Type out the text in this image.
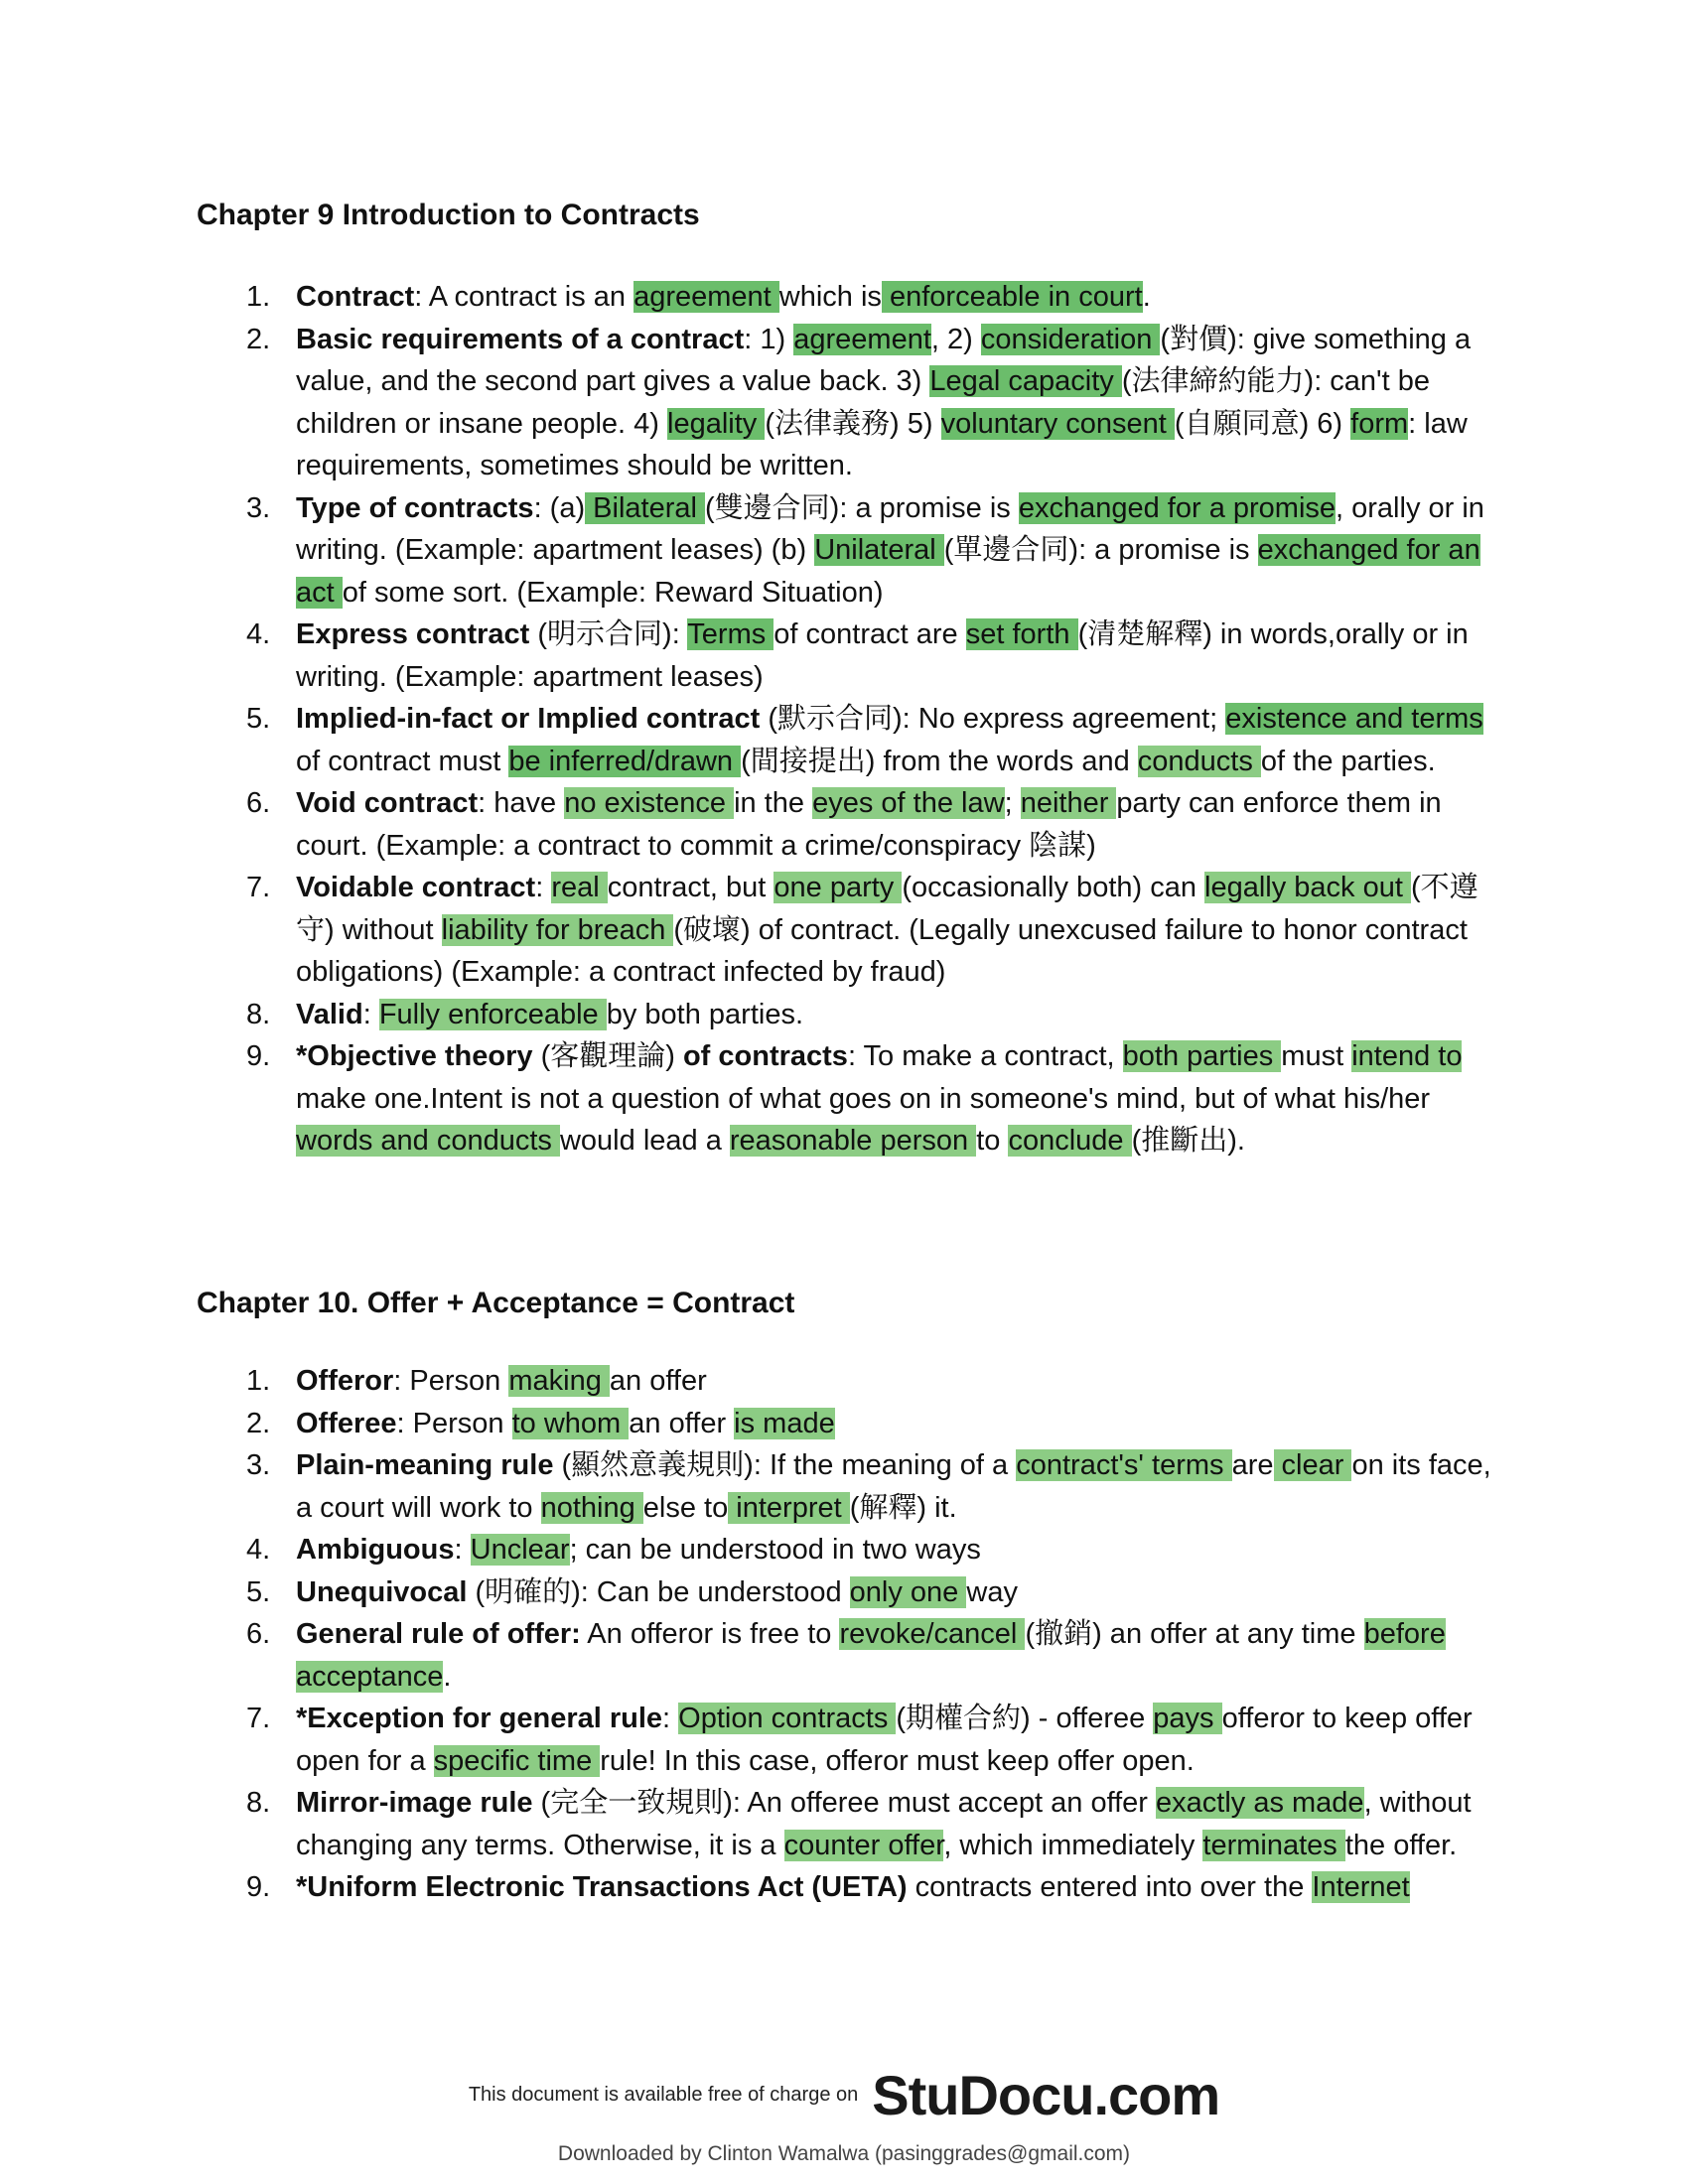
Chapter 9 Introduction to Contracts
1. Contract: A contract is an agreement which is enforceable in court.
2. Basic requirements of a contract: 1) agreement, 2) consideration (對價): give something a value, and the second part gives a value back. 3) Legal capacity (法律締約能力): can't be children or insane people. 4) legality (法律義務) 5) voluntary consent (自願同意) 6) form: law requirements, sometimes should be written.
3. Type of contracts: (a) Bilateral (雙邊合同): a promise is exchanged for a promise, orally or in writing. (Example: apartment leases) (b) Unilateral (單邊合同): a promise is exchanged for an act of some sort. (Example: Reward Situation)
4. Express contract (明示合同): Terms of contract are set forth (清楚解釋) in words,orally or in writing. (Example: apartment leases)
5. Implied-in-fact or Implied contract (默示合同): No express agreement; existence and terms of contract must be inferred/drawn (間接提出) from the words and conducts of the parties.
6. Void contract: have no existence in the eyes of the law; neither party can enforce them in court. (Example: a contract to commit a crime/conspiracy 陰謀)
7. Voidable contract: real contract, but one party (occasionally both) can legally back out (不遵守) without liability for breach (破壞) of contract. (Legally unexcused failure to honor contract obligations) (Example: a contract infected by fraud)
8. Valid: Fully enforceable by both parties.
9. *Objective theory (客觀理論) of contracts: To make a contract, both parties must intend to make one.Intent is not a question of what goes on in someone's mind, but of what his/her words and conducts would lead a reasonable person to conclude (推斷出).
Chapter 10. Offer + Acceptance = Contract
1. Offeror: Person making an offer
2. Offeree: Person to whom an offer is made
3. Plain-meaning rule (顯然意義規則): If the meaning of a contract's' terms are clear on its face, a court will work to nothing else to interpret (解釋) it.
4. Ambiguous: Unclear; can be understood in two ways
5. Unequivocal (明確的): Can be understood only one way
6. General rule of offer: An offeror is free to revoke/cancel (撤銷) an offer at any time before acceptance.
7. *Exception for general rule: Option contracts (期權合約) - offeree pays offeror to keep offer open for a specific time rule! In this case, offeror must keep offer open.
8. Mirror-image rule (完全一致規則): An offeree must accept an offer exactly as made, without changing any terms. Otherwise, it is a counter offer, which immediately terminates the offer.
9. *Uniform Electronic Transactions Act (UETA) contracts entered into over the Internet
This document is available free of charge on StuDocu.com
Downloaded by Clinton Wamalwa (pasinggrades@gmail.com)
